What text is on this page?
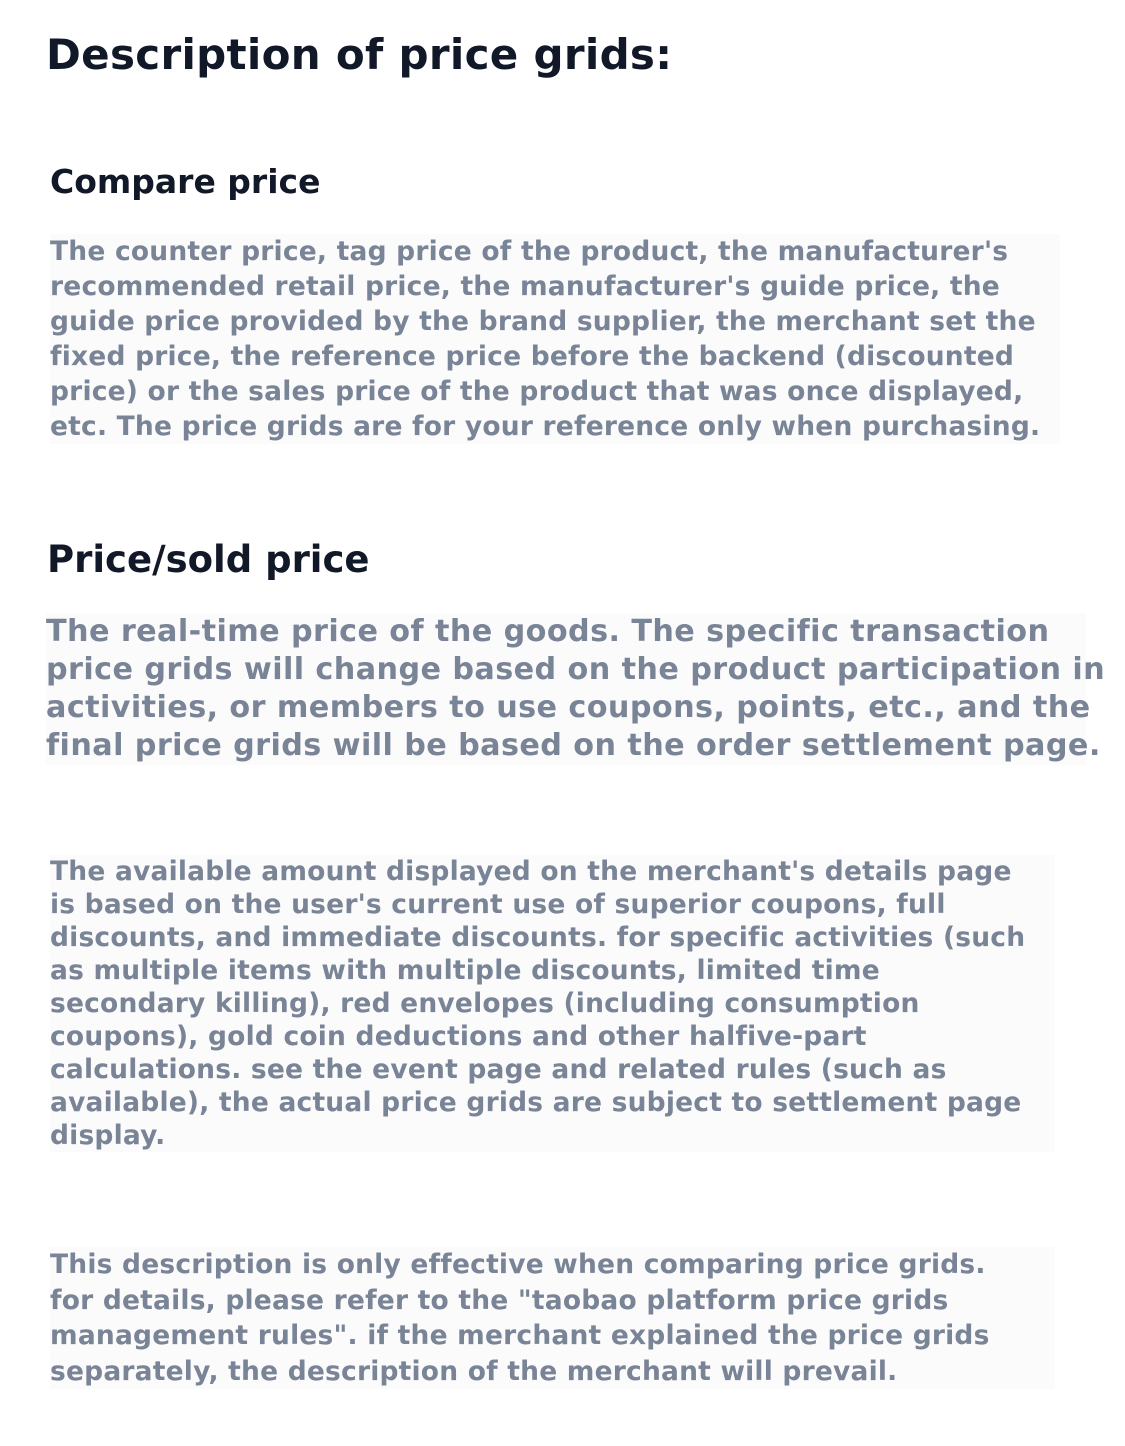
Description of price grids:
Compare price

The counter price, tag price of the product, the manufacturer's
recommended retail price, the manufacturer's guide price, the
guide price provided by the brand supplier, the merchant set the
fixed price, the reference price before the backend (discounted
price) or the sales price of the product that was once displayed,
etc. The price grids are for your reference only when purchasing.

Price/sold price

The real-time price of the goods. The specific transaction
price grids will change based on the product participation in
activities, or members to use coupons, points, etc., and the
final price grids will be based on the order settlement page.

The available amount displayed on the merchant's details page
is based on the user's current use of superior coupons, full
discounts, and immediate discounts. for specific activities (such
as multiple items with multiple discounts, limited time
secondary killing), red envelopes (including consumption
coupons), gold coin deductions and other halfive-part
calculations. see the event page and related rules (such as
available), the actual price grids are subject to settlement page
display.

This description is only effective when comparing price grids.
for details, please refer to the "taobao platform price grids
management rules". if the merchant explained the price grids
separately, the description of the merchant will prevail.
